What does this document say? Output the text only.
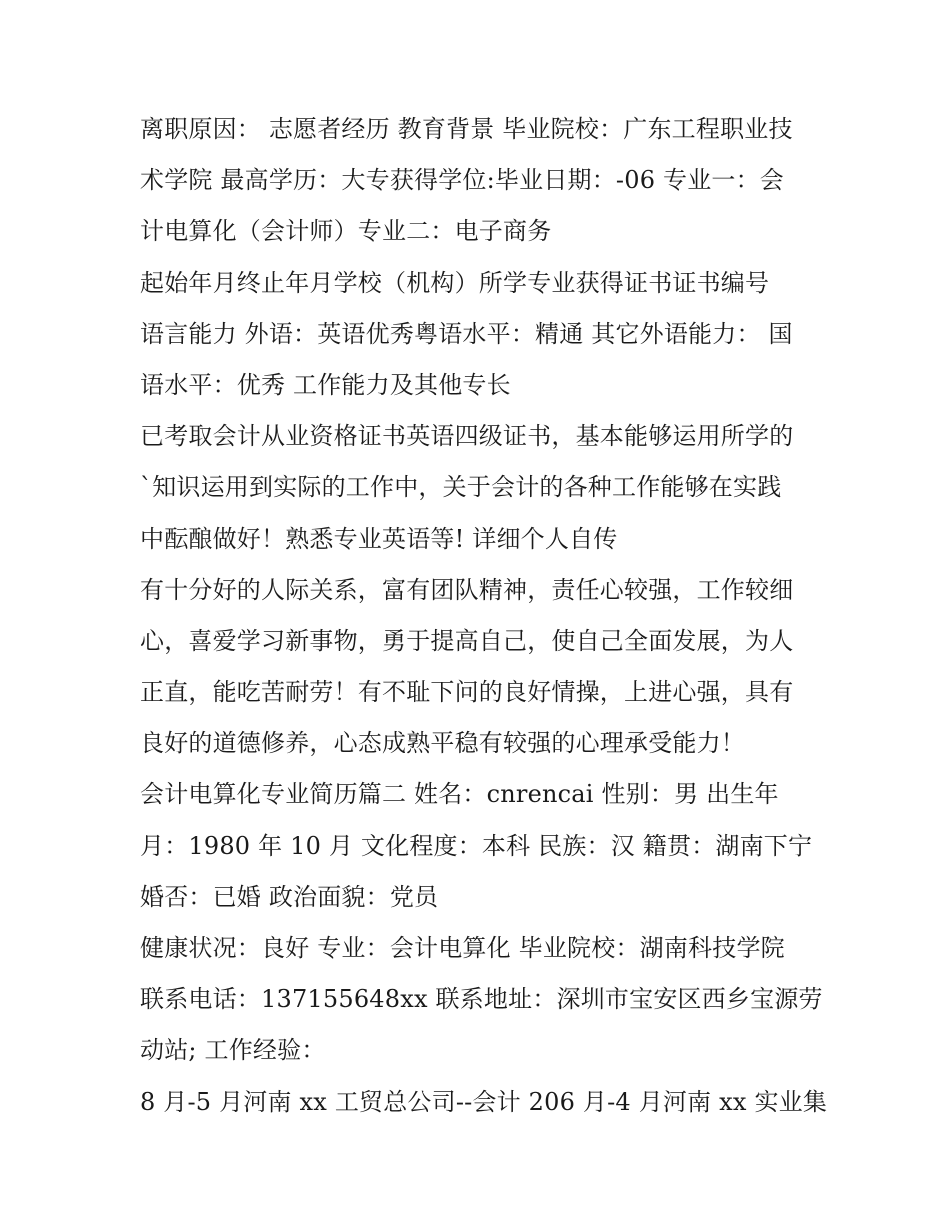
离职原因： 志愿者经历 教育背景 毕业院校：广东工程职业技
术学院 最高学历：大专获得学位:毕业日期：-06 专业一：会
计电算化（会计师）专业二：电子商务
起始年月终止年月学校（机构）所学专业获得证书证书编号
语言能力 外语：英语优秀粤语水平：精通 其它外语能力： 国
语水平：优秀 工作能力及其他专长
已考取会计从业资格证书英语四级证书，基本能够运用所学的
`知识运用到实际的工作中，关于会计的各种工作能够在实践
中酝酿做好！熟悉专业英语等! 详细个人自传
有十分好的人际关系，富有团队精神，责任心较强，工作较细
心，喜爱学习新事物，勇于提高自己，使自己全面发展，为人
正直，能吃苦耐劳！有不耻下问的良好情操，上进心强，具有
良好的道德修养，心态成熟平稳有较强的心理承受能力！
会计电算化专业简历篇二 姓名：cnrencai 性别：男 出生年
月：1980 年 10 月 文化程度：本科 民族：汉 籍贯：湖南下宁
婚否：已婚 政治面貌：党员
健康状况：良好 专业：会计电算化 毕业院校：湖南科技学院
联系电话：137155648xx 联系地址：深圳市宝安区西乡宝源劳
动站; 工作经验：
8 月-5 月河南 xx 工贸总公司--会计 206 月-4 月河南 xx 实业集
